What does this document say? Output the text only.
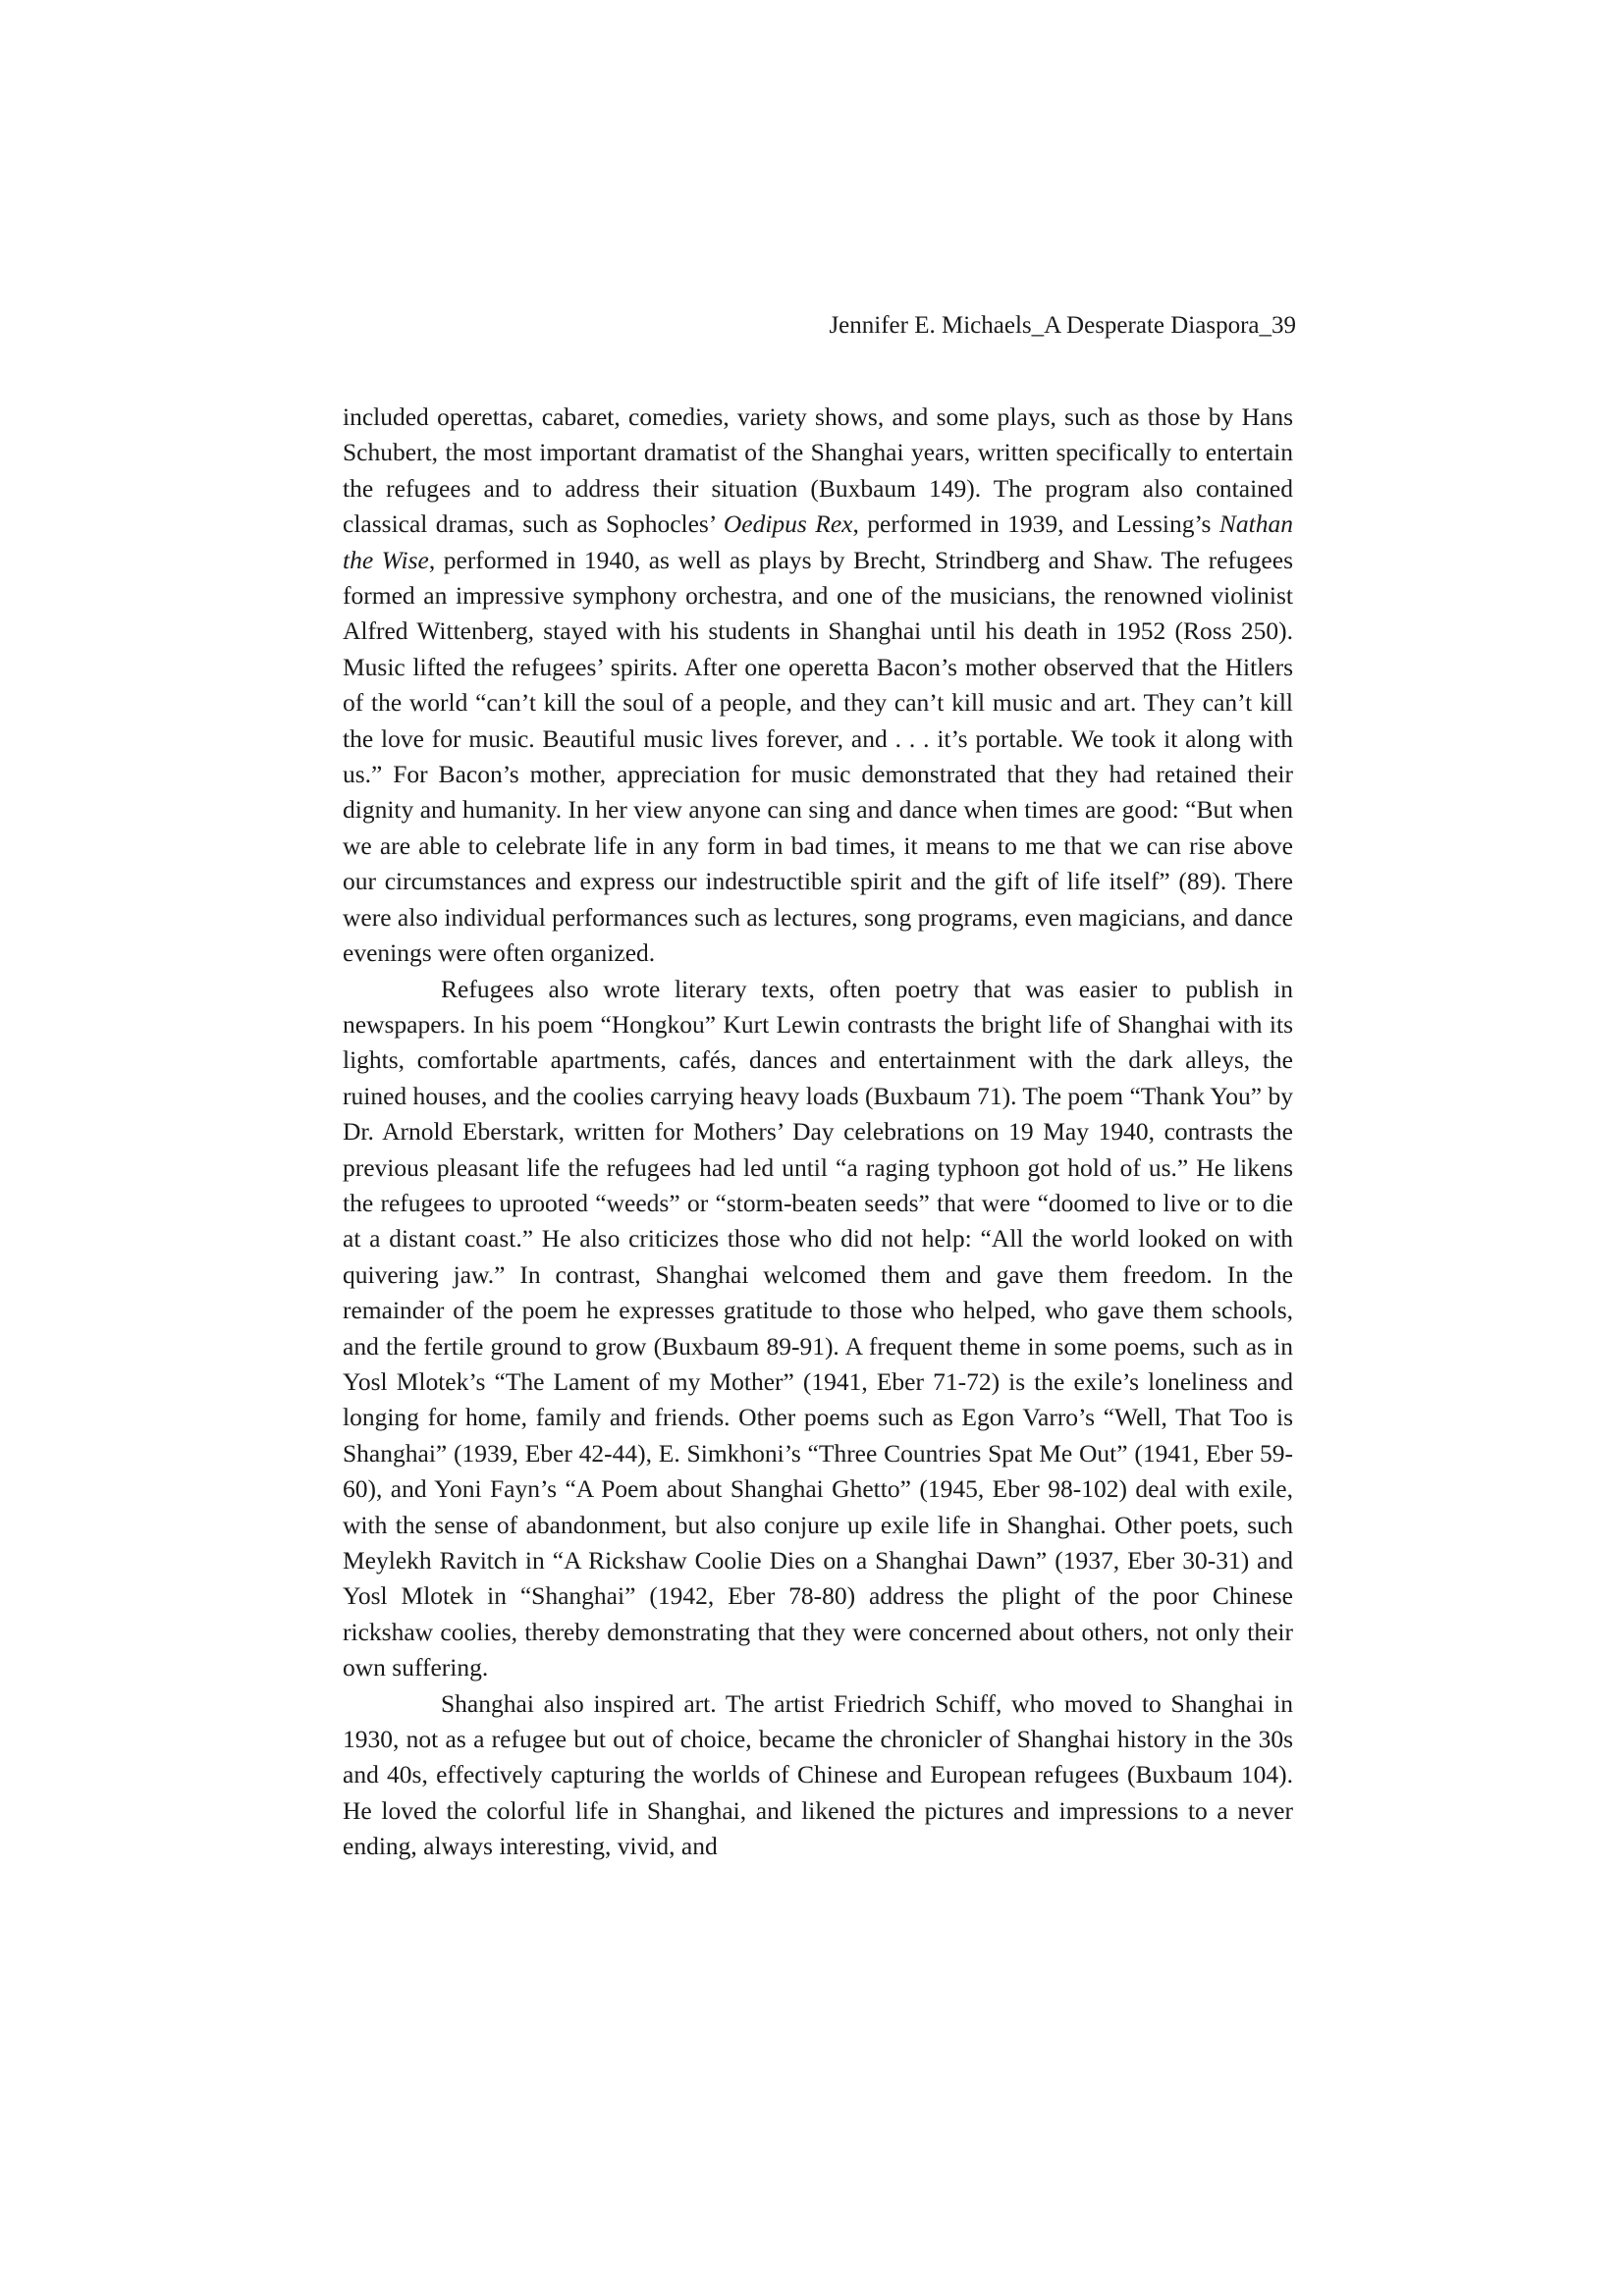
Jennifer E. Michaels_A Desperate Diaspora_39

included operettas, cabaret, comedies, variety shows, and some plays, such as those by Hans Schubert, the most important dramatist of the Shanghai years, written specifically to entertain the refugees and to address their situation (Buxbaum 149). The program also contained classical dramas, such as Sophocles’ Oedipus Rex, performed in 1939, and Lessing’s Nathan the Wise, performed in 1940, as well as plays by Brecht, Strindberg and Shaw. The refugees formed an impressive symphony orchestra, and one of the musicians, the renowned violinist Alfred Wittenberg, stayed with his students in Shanghai until his death in 1952 (Ross 250). Music lifted the refugees’ spirits. After one operetta Bacon’s mother observed that the Hitlers of the world “can’t kill the soul of a people, and they can’t kill music and art. They can’t kill the love for music. Beautiful music lives forever, and . . . it’s portable. We took it along with us.” For Bacon’s mother, appreciation for music demonstrated that they had retained their dignity and humanity. In her view anyone can sing and dance when times are good: “But when we are able to celebrate life in any form in bad times, it means to me that we can rise above our circumstances and express our indestructible spirit and the gift of life itself” (89). There were also individual performances such as lectures, song programs, even magicians, and dance evenings were often organized.

Refugees also wrote literary texts, often poetry that was easier to publish in newspapers. In his poem “Hongkou” Kurt Lewin contrasts the bright life of Shanghai with its lights, comfortable apartments, cafés, dances and entertainment with the dark alleys, the ruined houses, and the coolies carrying heavy loads (Buxbaum 71). The poem “Thank You” by Dr. Arnold Eberstark, written for Mothers’ Day celebrations on 19 May 1940, contrasts the previous pleasant life the refugees had led until “a raging typhoon got hold of us.” He likens the refugees to uprooted “weeds” or “storm-beaten seeds” that were “doomed to live or to die at a distant coast.” He also criticizes those who did not help: “All the world looked on with quivering jaw.” In contrast, Shanghai welcomed them and gave them freedom. In the remainder of the poem he expresses gratitude to those who helped, who gave them schools, and the fertile ground to grow (Buxbaum 89-91). A frequent theme in some poems, such as in Yosl Mlotek’s “The Lament of my Mother” (1941, Eber 71-72) is the exile’s loneliness and longing for home, family and friends. Other poems such as Egon Varro’s “Well, That Too is Shanghai” (1939, Eber 42-44), E. Simkhoni’s “Three Countries Spat Me Out” (1941, Eber 59-60), and Yoni Fayn’s “A Poem about Shanghai Ghetto” (1945, Eber 98-102) deal with exile, with the sense of abandonment, but also conjure up exile life in Shanghai. Other poets, such Meylekh Ravitch in “A Rickshaw Coolie Dies on a Shanghai Dawn” (1937, Eber 30-31) and Yosl Mlotek in “Shanghai” (1942, Eber 78-80) address the plight of the poor Chinese rickshaw coolies, thereby demonstrating that they were concerned about others, not only their own suffering.

Shanghai also inspired art. The artist Friedrich Schiff, who moved to Shanghai in 1930, not as a refugee but out of choice, became the chronicler of Shanghai history in the 30s and 40s, effectively capturing the worlds of Chinese and European refugees (Buxbaum 104). He loved the colorful life in Shanghai, and likened the pictures and impressions to a never ending, always interesting, vivid, and
